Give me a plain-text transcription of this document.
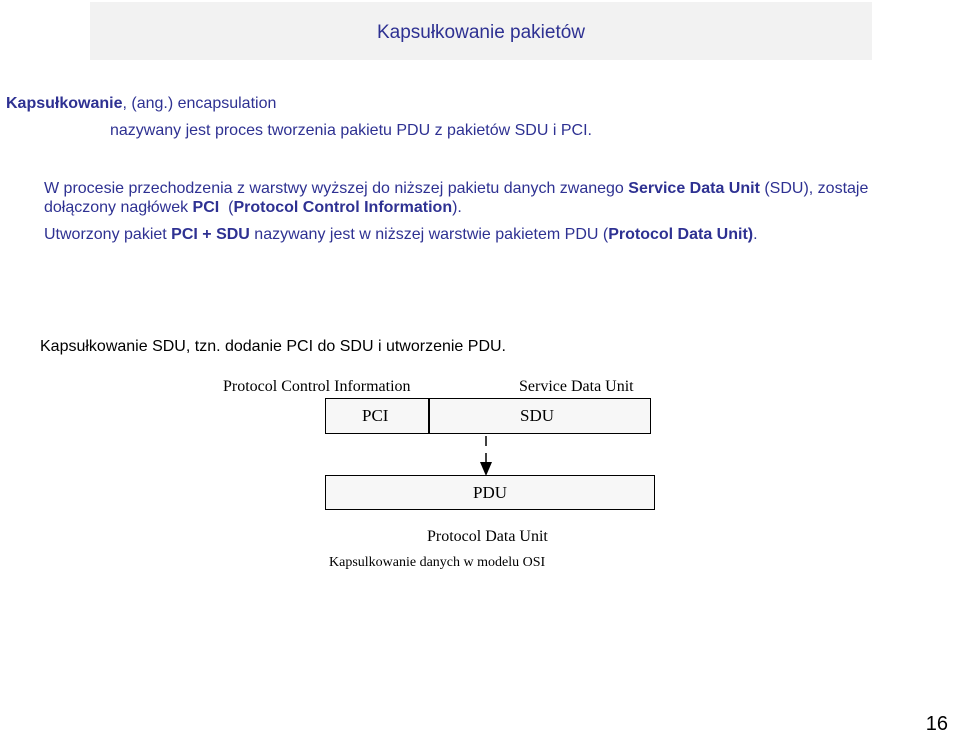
Kapsułkowanie pakietów
Kapsułkowanie, (ang.) encapsulation
nazywany jest proces tworzenia pakietu PDU z pakietów SDU i PCI.
W procesie przechodzenia z warstwy wyższej do niższej pakietu danych zwanego Service Data Unit (SDU), zostaje
dołączony nagłówek PCI  (Protocol Control Information).
Utworzony pakiet PCI + SDU nazywany jest w niższej warstwie pakietem PDU (Protocol Data Unit).
Kapsułkowanie SDU, tzn. dodanie PCI do SDU i utworzenie PDU.
Protocol Control Information	Service Data Unit
PCI	SDU
PDU
Protocol Data Unit
Kapsulkowanie danych w modelu OSI
16
